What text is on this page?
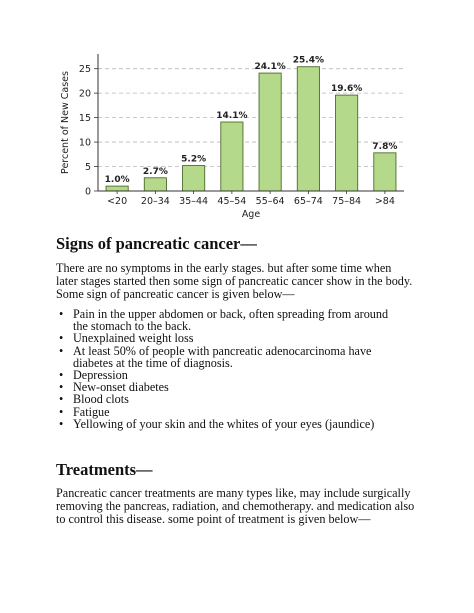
0
5
10
15
20
25
<20 20–34 35–44 45–54 55–64 65–74 75–84 >84
1.0%
2.7%
5.2%
14.1%
24.1%
25.4%
19.6%
7.8%
Age
Percent of New Cases
Signs of pancreatic cancer—

There are no symptoms in the early stages. but after some time when later stages started then some sign of pancreatic cancer show in the body. Some sign of pancreatic cancer is given below—

• Pain in the upper abdomen or back, often spreading from around the stomach to the back.
• Unexplained weight loss
• At least 50% of people with pancreatic adenocarcinoma have diabetes at the time of diagnosis.
• Depression
• New-onset diabetes
• Blood clots
• Fatigue
• Yellowing of your skin and the whites of your eyes (jaundice)
Treatments—

Pancreatic cancer treatments are many types like, may include surgically removing the pancreas, radiation, and chemotherapy. and medication also to control this disease. some point of treatment is given below—
